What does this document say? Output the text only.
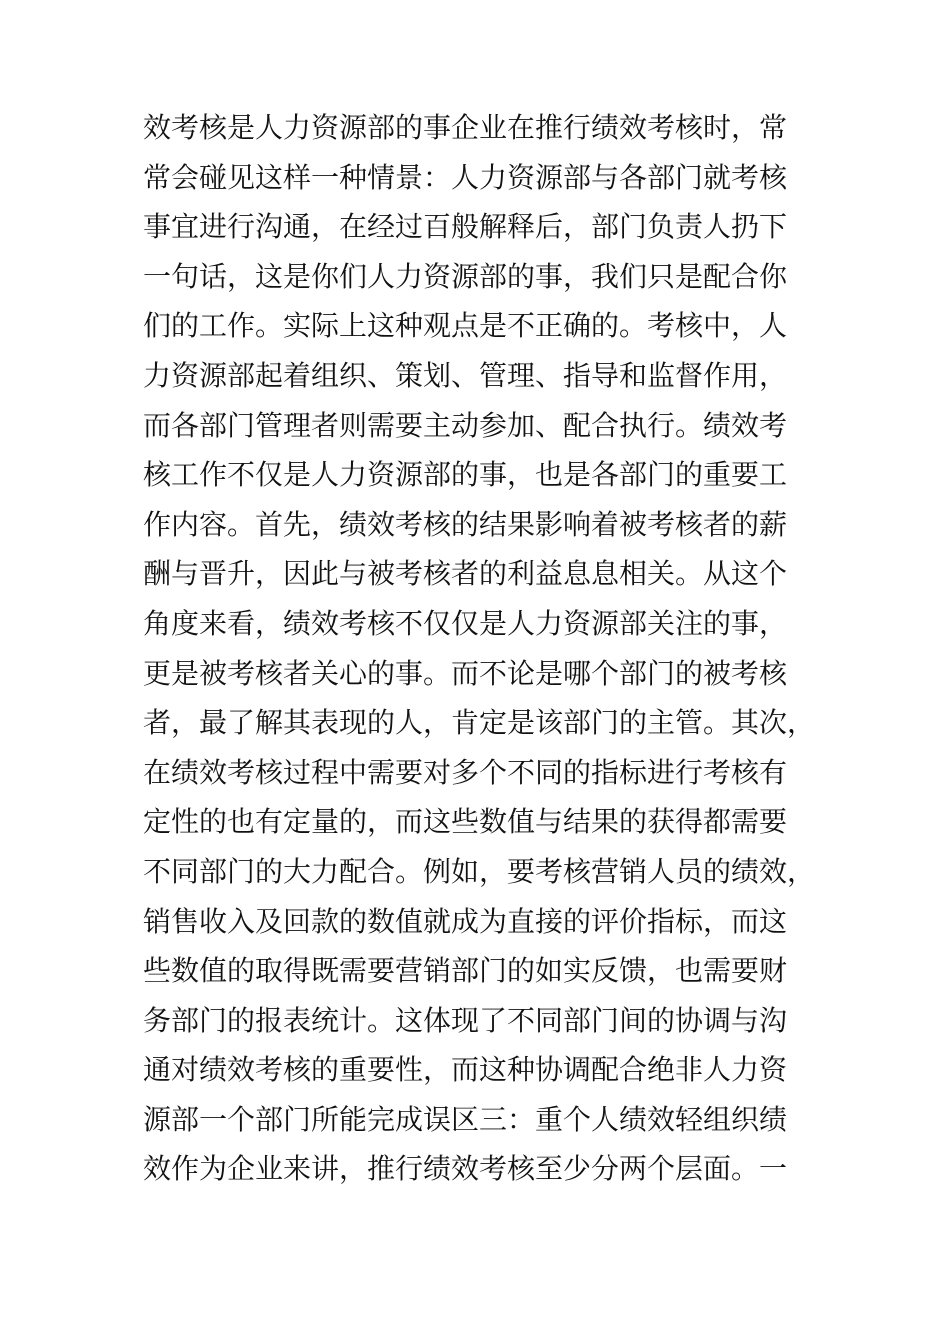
效考核是人力资源部的事企业在推行绩效考核时，常
常会碰见这样一种情景：人力资源部与各部门就考核
事宜进行沟通，在经过百般解释后，部门负责人扔下
一句话，这是你们人力资源部的事，我们只是配合你
们的工作。实际上这种观点是不正确的。考核中，人
力资源部起着组织、策划、管理、指导和监督作用，
而各部门管理者则需要主动参加、配合执行。绩效考
核工作不仅是人力资源部的事，也是各部门的重要工
作内容。首先，绩效考核的结果影响着被考核者的薪
酬与晋升，因此与被考核者的利益息息相关。从这个
角度来看，绩效考核不仅仅是人力资源部关注的事，
更是被考核者关心的事。而不论是哪个部门的被考核
者，最了解其表现的人，肯定是该部门的主管。其次，
在绩效考核过程中需要对多个不同的指标进行考核有
定性的也有定量的，而这些数值与结果的获得都需要
不同部门的大力配合。例如，要考核营销人员的绩效，
销售收入及回款的数值就成为直接的评价指标，而这
些数值的取得既需要营销部门的如实反馈，也需要财
务部门的报表统计。这体现了不同部门间的协调与沟
通对绩效考核的重要性，而这种协调配合绝非人力资
源部一个部门所能完成误区三：重个人绩效轻组织绩
效作为企业来讲，推行绩效考核至少分两个层面。一
